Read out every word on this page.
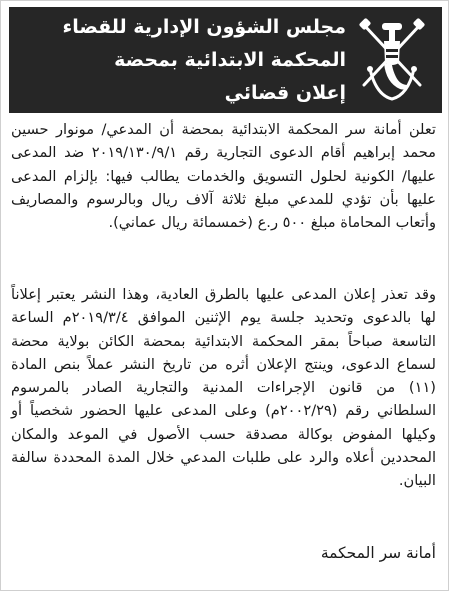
مجلس الشؤون الإدارية للقضاء
المحكمة الابتدائية بمحضة
إعلان قضائي

تعلن أمانة سر المحكمة الابتدائية بمحضة أن المدعي/ مونوار حسين محمد إبراهيم أقام الدعوى التجارية رقم ٢٠١٩/١٣٠/٩/١ ضد المدعى عليها/ الكونية لحلول التسويق والخدمات يطالب فيها: بإلزام المدعى عليها بأن تؤدي للمدعي مبلغ ثلاثة آلاف ريال وبالرسوم والمصاريف وأتعاب المحاماة مبلغ ٥٠٠ ر.ع (خمسمائة ريال عماني).

وقد تعذر إعلان المدعى عليها بالطرق العادية، وهذا النشر يعتبر إعلاناً لها بالدعوى وتحديد جلسة يوم الإثنين الموافق ٢٠١٩/٣/٤م الساعة التاسعة صباحاً بمقر المحكمة الابتدائية بمحضة الكائن بولاية محضة لسماع الدعوى، وينتج الإعلان أثره من تاريخ النشر عملاً بنص المادة (١١) من قانون الإجراءات المدنية والتجارية الصادر بالمرسوم السلطاني رقم (٢٠٠٢/٢٩م) وعلى المدعى عليها الحضور شخصياً أو وكيلها المفوض بوكالة مصدقة حسب الأصول في الموعد والمكان المحددين أعلاه والرد على طلبات المدعي خلال المدة المحددة سالفة البيان.

أمانة سر المحكمة
